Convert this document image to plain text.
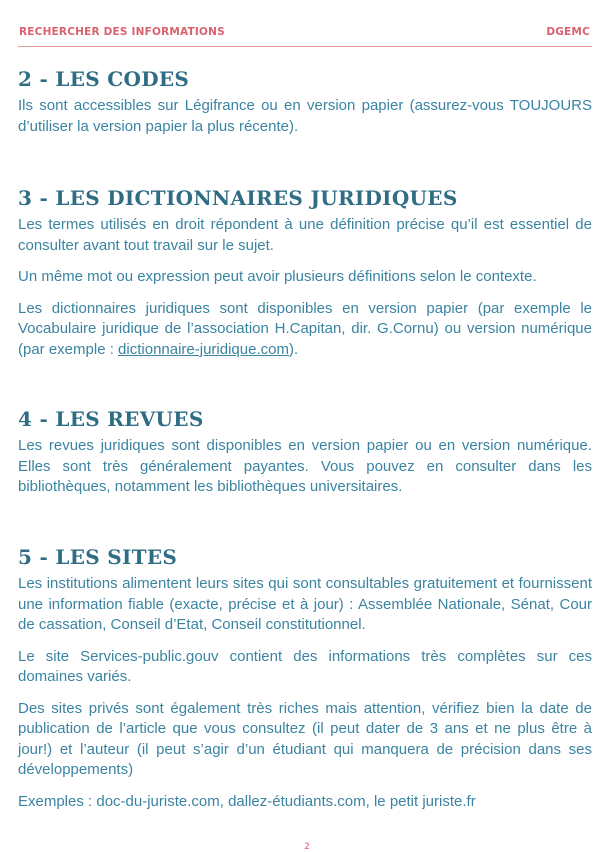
RECHERCHER DES INFORMATIONS	DGEMC
2 - LES CODES

Ils sont accessibles sur Légifrance ou en version papier (assurez-vous TOUJOURS d’utiliser la version papier la plus récente).

3 - LES DICTIONNAIRES JURIDIQUES

Les termes utilisés en droit répondent à une définition précise qu’il est essentiel de consulter avant tout travail sur le sujet.

Un même mot ou expression peut avoir plusieurs définitions selon le contexte.

Les dictionnaires juridiques sont disponibles en version papier (par exemple le Vocabulaire juridique de l’association H.Capitan, dir. G.Cornu) ou version numérique (par exemple : dictionnaire-juridique.com).

4 - LES REVUES

Les revues juridiques sont disponibles en version papier ou en version numérique. Elles sont très généralement payantes. Vous pouvez en consulter dans les bibliothèques, notamment les bibliothèques universitaires.

5 - LES SITES

Les institutions alimentent leurs sites qui sont consultables gratuitement et fournissent une information fiable (exacte, précise et à jour) : Assemblée Nationale, Sénat, Cour de cassation, Conseil d’Etat, Conseil constitutionnel.

Le site Services-public.gouv contient des informations très complètes sur ces domaines variés.

Des sites privés sont également très riches mais attention, vérifiez bien la date de publication de l’article que vous consultez (il peut dater de 3 ans et ne plus être à jour!) et l’auteur (il peut s’agir d’un étudiant qui manquera de précision dans ses développements)

Exemples : doc-du-juriste.com, dallez-étudiants.com, le petit juriste.fr

2
